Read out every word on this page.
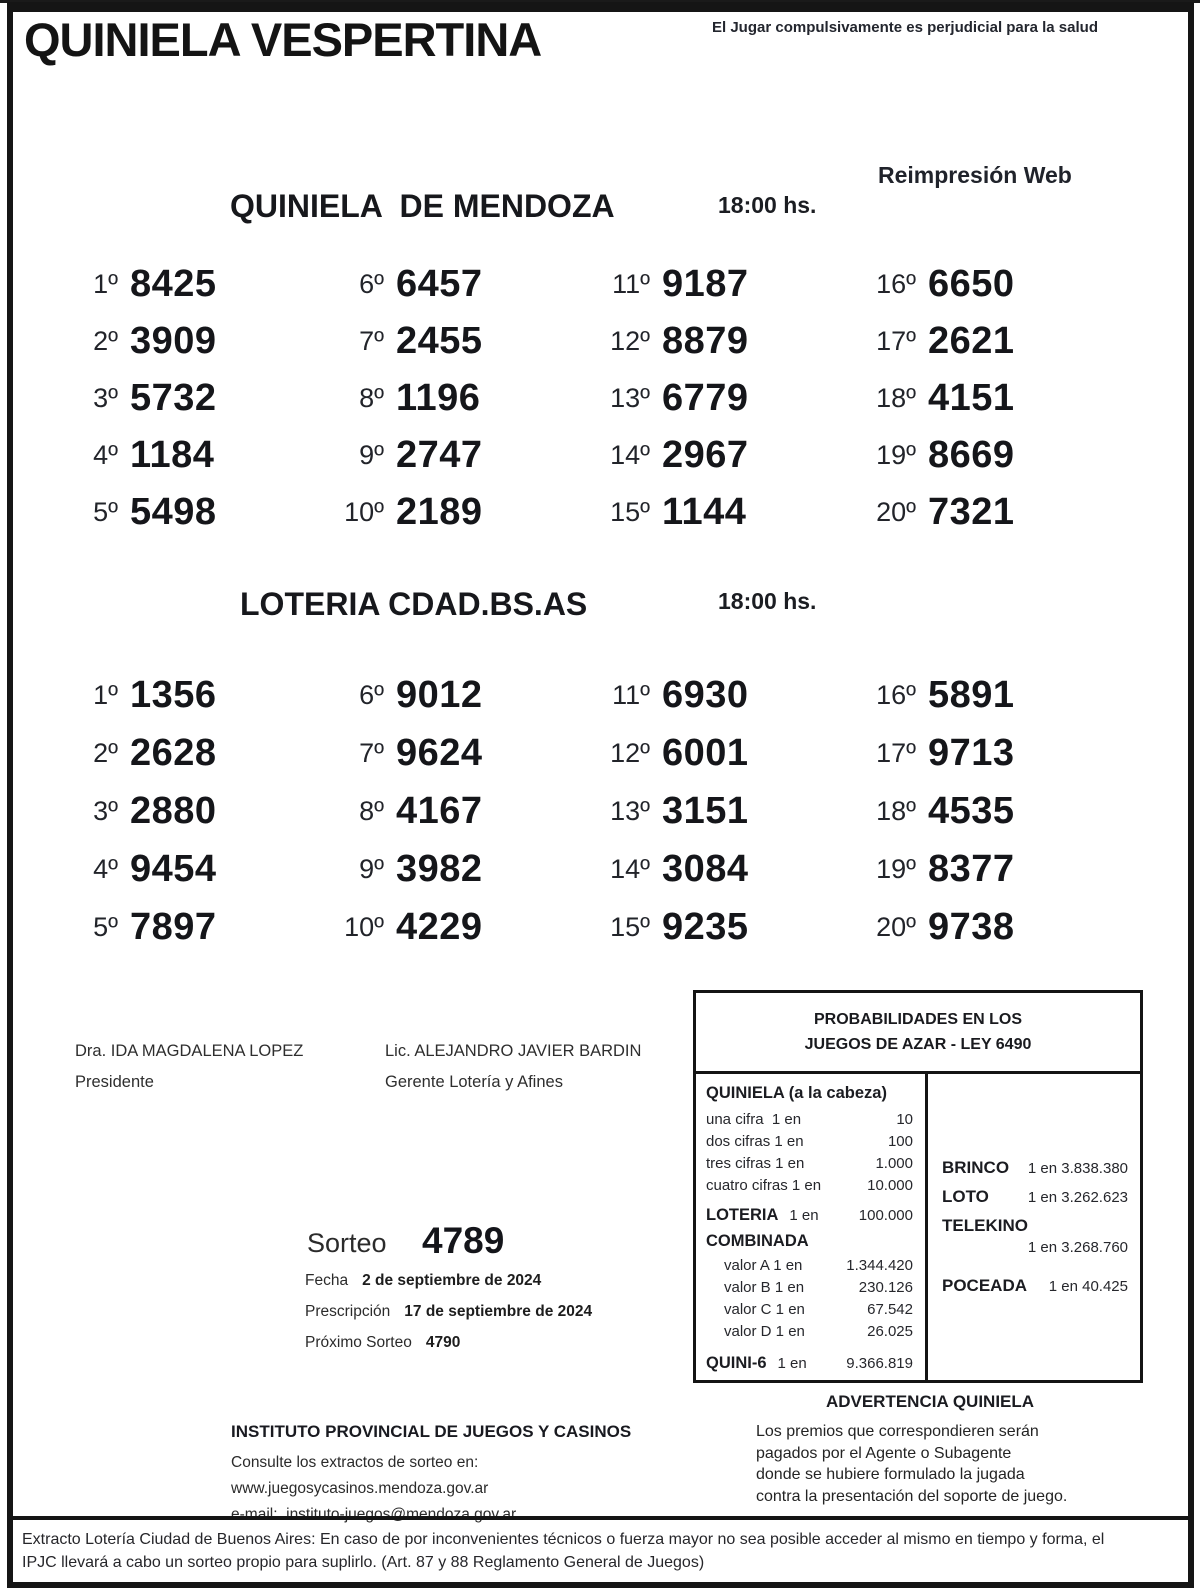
QUINIELA VESPERTINA	El Jugar compulsivamente es perjudicial para la salud
Reimpresión Web
QUINIELA  DE MENDOZA	18:00 hs.
1º 8425
2º 3909
3º 5732
4º 1184
5º 5498
6º 6457
7º 2455
8º 1196
9º 2747
10º 2189
11º 9187
12º 8879
13º 6779
14º 2967
15º 1144
16º 6650
17º 2621
18º 4151
19º 8669
20º 7321
LOTERIA CDAD.BS.AS	18:00 hs.
1º 1356
2º 2628
3º 2880
4º 9454
5º 7897
6º 9012
7º 9624
8º 4167
9º 3982
10º 4229
11º 6930
12º 6001
13º 3151
14º 3084
15º 9235
16º 5891
17º 9713
18º 4535
19º 8377
20º 9738
Dra. IDA MAGDALENA LOPEZ
Presidente
Lic. ALEJANDRO JAVIER BARDIN
Gerente Lotería y Afines
Sorteo 4789
Fecha 2 de septiembre de 2024
Prescripción 17 de septiembre de 2024
Próximo Sorteo 4790
PROBABILIDADES EN LOS
JUEGOS DE AZAR - LEY 6490
QUINIELA (a la cabeza)
una cifra  1 en	10
dos cifras 1 en	100
tres cifras 1 en	1.000
cuatro cifras 1 en	10.000
LOTERIA 1 en	100.000
COMBINADA
valor A 1 en	1.344.420
valor B 1 en	230.126
valor C 1 en	67.542
valor D 1 en	26.025
QUINI-6 1 en	9.366.819
BRINCO 1 en 3.838.380
LOTO	1 en 3.262.623
TELEKINO
1 en 3.268.760
POCEADA 1 en 40.425
ADVERTENCIA QUINIELA
Los premios que correspondieren serán
pagados por el Agente o Subagente
donde se hubiere formulado la jugada
contra la presentación del soporte de juego.
INSTITUTO PROVINCIAL DE JUEGOS Y CASINOS
Consulte los extractos de sorteo en:
www.juegosycasinos.mendoza.gov.ar
e-mail:  instituto-juegos@mendoza.gov.ar
Extracto Lotería Ciudad de Buenos Aires: En caso de por inconvenientes técnicos o fuerza mayor no sea posible acceder al mismo en tiempo y forma, el IPJC llevará a cabo un sorteo propio para suplirlo. (Art. 87 y 88 Reglamento General de Juegos)
